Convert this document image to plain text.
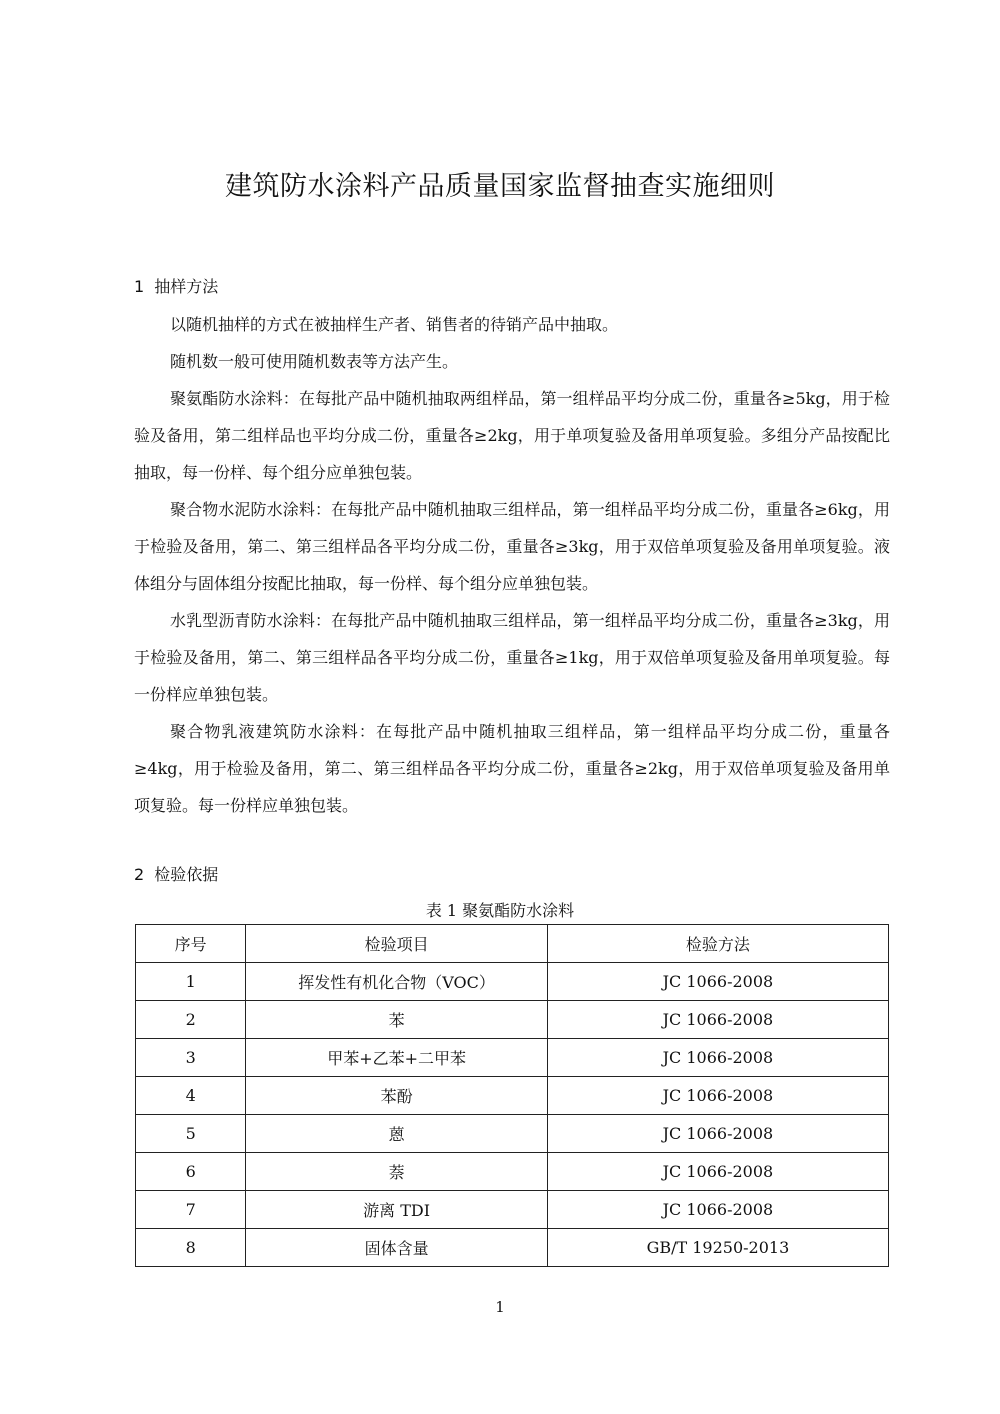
建筑防水涂料产品质量国家监督抽查实施细则
1 抽样方法

以随机抽样的方式在被抽样生产者、销售者的待销产品中抽取。

随机数一般可使用随机数表等方法产生。

聚氨酯防水涂料：在每批产品中随机抽取两组样品，第一组样品平均分成二份，重量各≥5kg，用于检验及备用，第二组样品也平均分成二份，重量各≥2kg，用于单项复验及备用单项复验。多组分产品按配比抽取，每一份样、每个组分应单独包装。

聚合物水泥防水涂料：在每批产品中随机抽取三组样品，第一组样品平均分成二份，重量各≥6kg，用于检验及备用，第二、第三组样品各平均分成二份，重量各≥3kg，用于双倍单项复验及备用单项复验。液体组分与固体组分按配比抽取，每一份样、每个组分应单独包装。

水乳型沥青防水涂料：在每批产品中随机抽取三组样品，第一组样品平均分成二份，重量各≥3kg，用于检验及备用，第二、第三组样品各平均分成二份，重量各≥1kg，用于双倍单项复验及备用单项复验。每一份样应单独包装。

聚合物乳液建筑防水涂料：在每批产品中随机抽取三组样品，第一组样品平均分成二份，重量各≥4kg，用于检验及备用，第二、第三组样品各平均分成二份，重量各≥2kg，用于双倍单项复验及备用单项复验。每一份样应单独包装。

2 检验依据
表 1 聚氨酯防水涂料
序号	检验项目	检验方法
1	挥发性有机化合物（VOC）	JC 1066-2008
2	苯	JC 1066-2008
3	甲苯+乙苯+二甲苯	JC 1066-2008
4	苯酚	JC 1066-2008
5	蒽	JC 1066-2008
6	萘	JC 1066-2008
7	游离 TDI	JC 1066-2008
8	固体含量	GB/T 19250-2013
1
